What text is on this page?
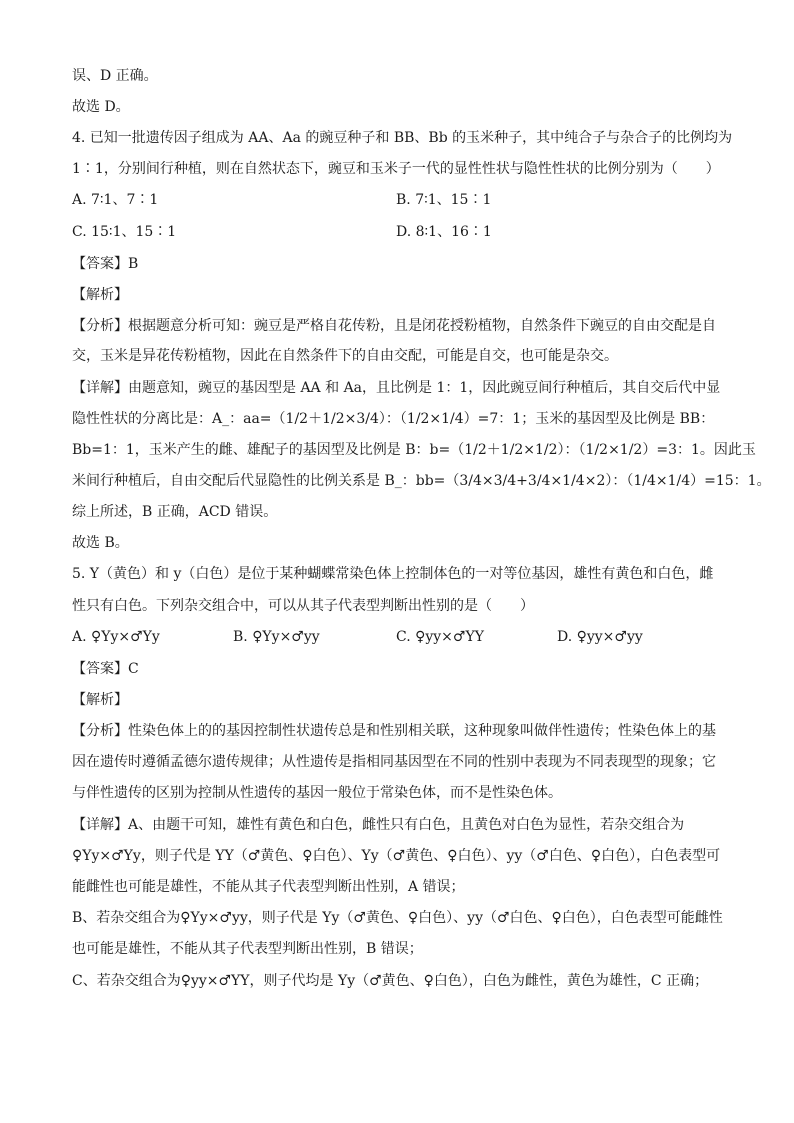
误、D 正确。
故选 D。
4. 已知一批遗传因子组成为 AA、Aa 的豌豆种子和 BB、Bb 的玉米种子，其中纯合子与杂合子的比例均为
1∶1，分别间行种植，则在自然状态下，豌豆和玉米子一代的显性性状与隐性性状的比例分别为（　　）
A. 7∶1、7∶1	B. 7∶1、15∶1
C. 15∶1、15∶1	D. 8∶1、16∶1
【答案】B
【解析】
【分析】根据题意分析可知：豌豆是严格自花传粉，且是闭花授粉植物，自然条件下豌豆的自由交配是自
交，玉米是异花传粉植物，因此在自然条件下的自由交配，可能是自交，也可能是杂交。
【详解】由题意知，豌豆的基因型是 AA 和 Aa，且比例是 1：1，因此豌豆间行种植后，其自交后代中显
隐性性状的分离比是：A_：aa=（1/2＋1/2×3/4）：（1/2×1/4）=7：1；玉米的基因型及比例是 BB：
Bb=1：1，玉米产生的雌、雄配子的基因型及比例是 B：b=（1/2＋1/2×1/2）：（1/2×1/2）=3：1。因此玉
米间行种植后，自由交配后代显隐性的比例关系是 B_：bb=（3/4×3/4+3/4×1/4×2）：（1/4×1/4）=15：1。
综上所述，B 正确，ACD 错误。
故选 B。
5. Y（黄色）和 y（白色）是位于某种蝴蝶常染色体上控制体色的一对等位基因，雄性有黄色和白色，雌
性只有白色。下列杂交组合中，可以从其子代表型判断出性别的是（　　）
A. ♀Yy×♂Yy	B. ♀Yy×♂yy	C. ♀yy×♂YY	D. ♀yy×♂yy
【答案】C
【解析】
【分析】性染色体上的的基因控制性状遗传总是和性别相关联，这种现象叫做伴性遗传；性染色体上的基
因在遗传时遵循孟德尔遗传规律；从性遗传是指相同基因型在不同的性别中表现为不同表现型的现象；它
与伴性遗传的区别为控制从性遗传的基因一般位于常染色体，而不是性染色体。
【详解】A、由题干可知，雄性有黄色和白色，雌性只有白色，且黄色对白色为显性，若杂交组合为
♀Yy×♂Yy，则子代是 YY（♂黄色、♀白色）、Yy（♂黄色、♀白色）、yy（♂白色、♀白色），白色表型可
能雌性也可能是雄性，不能从其子代表型判断出性别，A 错误；
B、若杂交组合为♀Yy×♂yy，则子代是 Yy（♂黄色、♀白色）、yy（♂白色、♀白色），白色表型可能雌性
也可能是雄性，不能从其子代表型判断出性别，B 错误；
C、若杂交组合为♀yy×♂YY，则子代均是 Yy（♂黄色、♀白色），白色为雌性，黄色为雄性，C 正确；
